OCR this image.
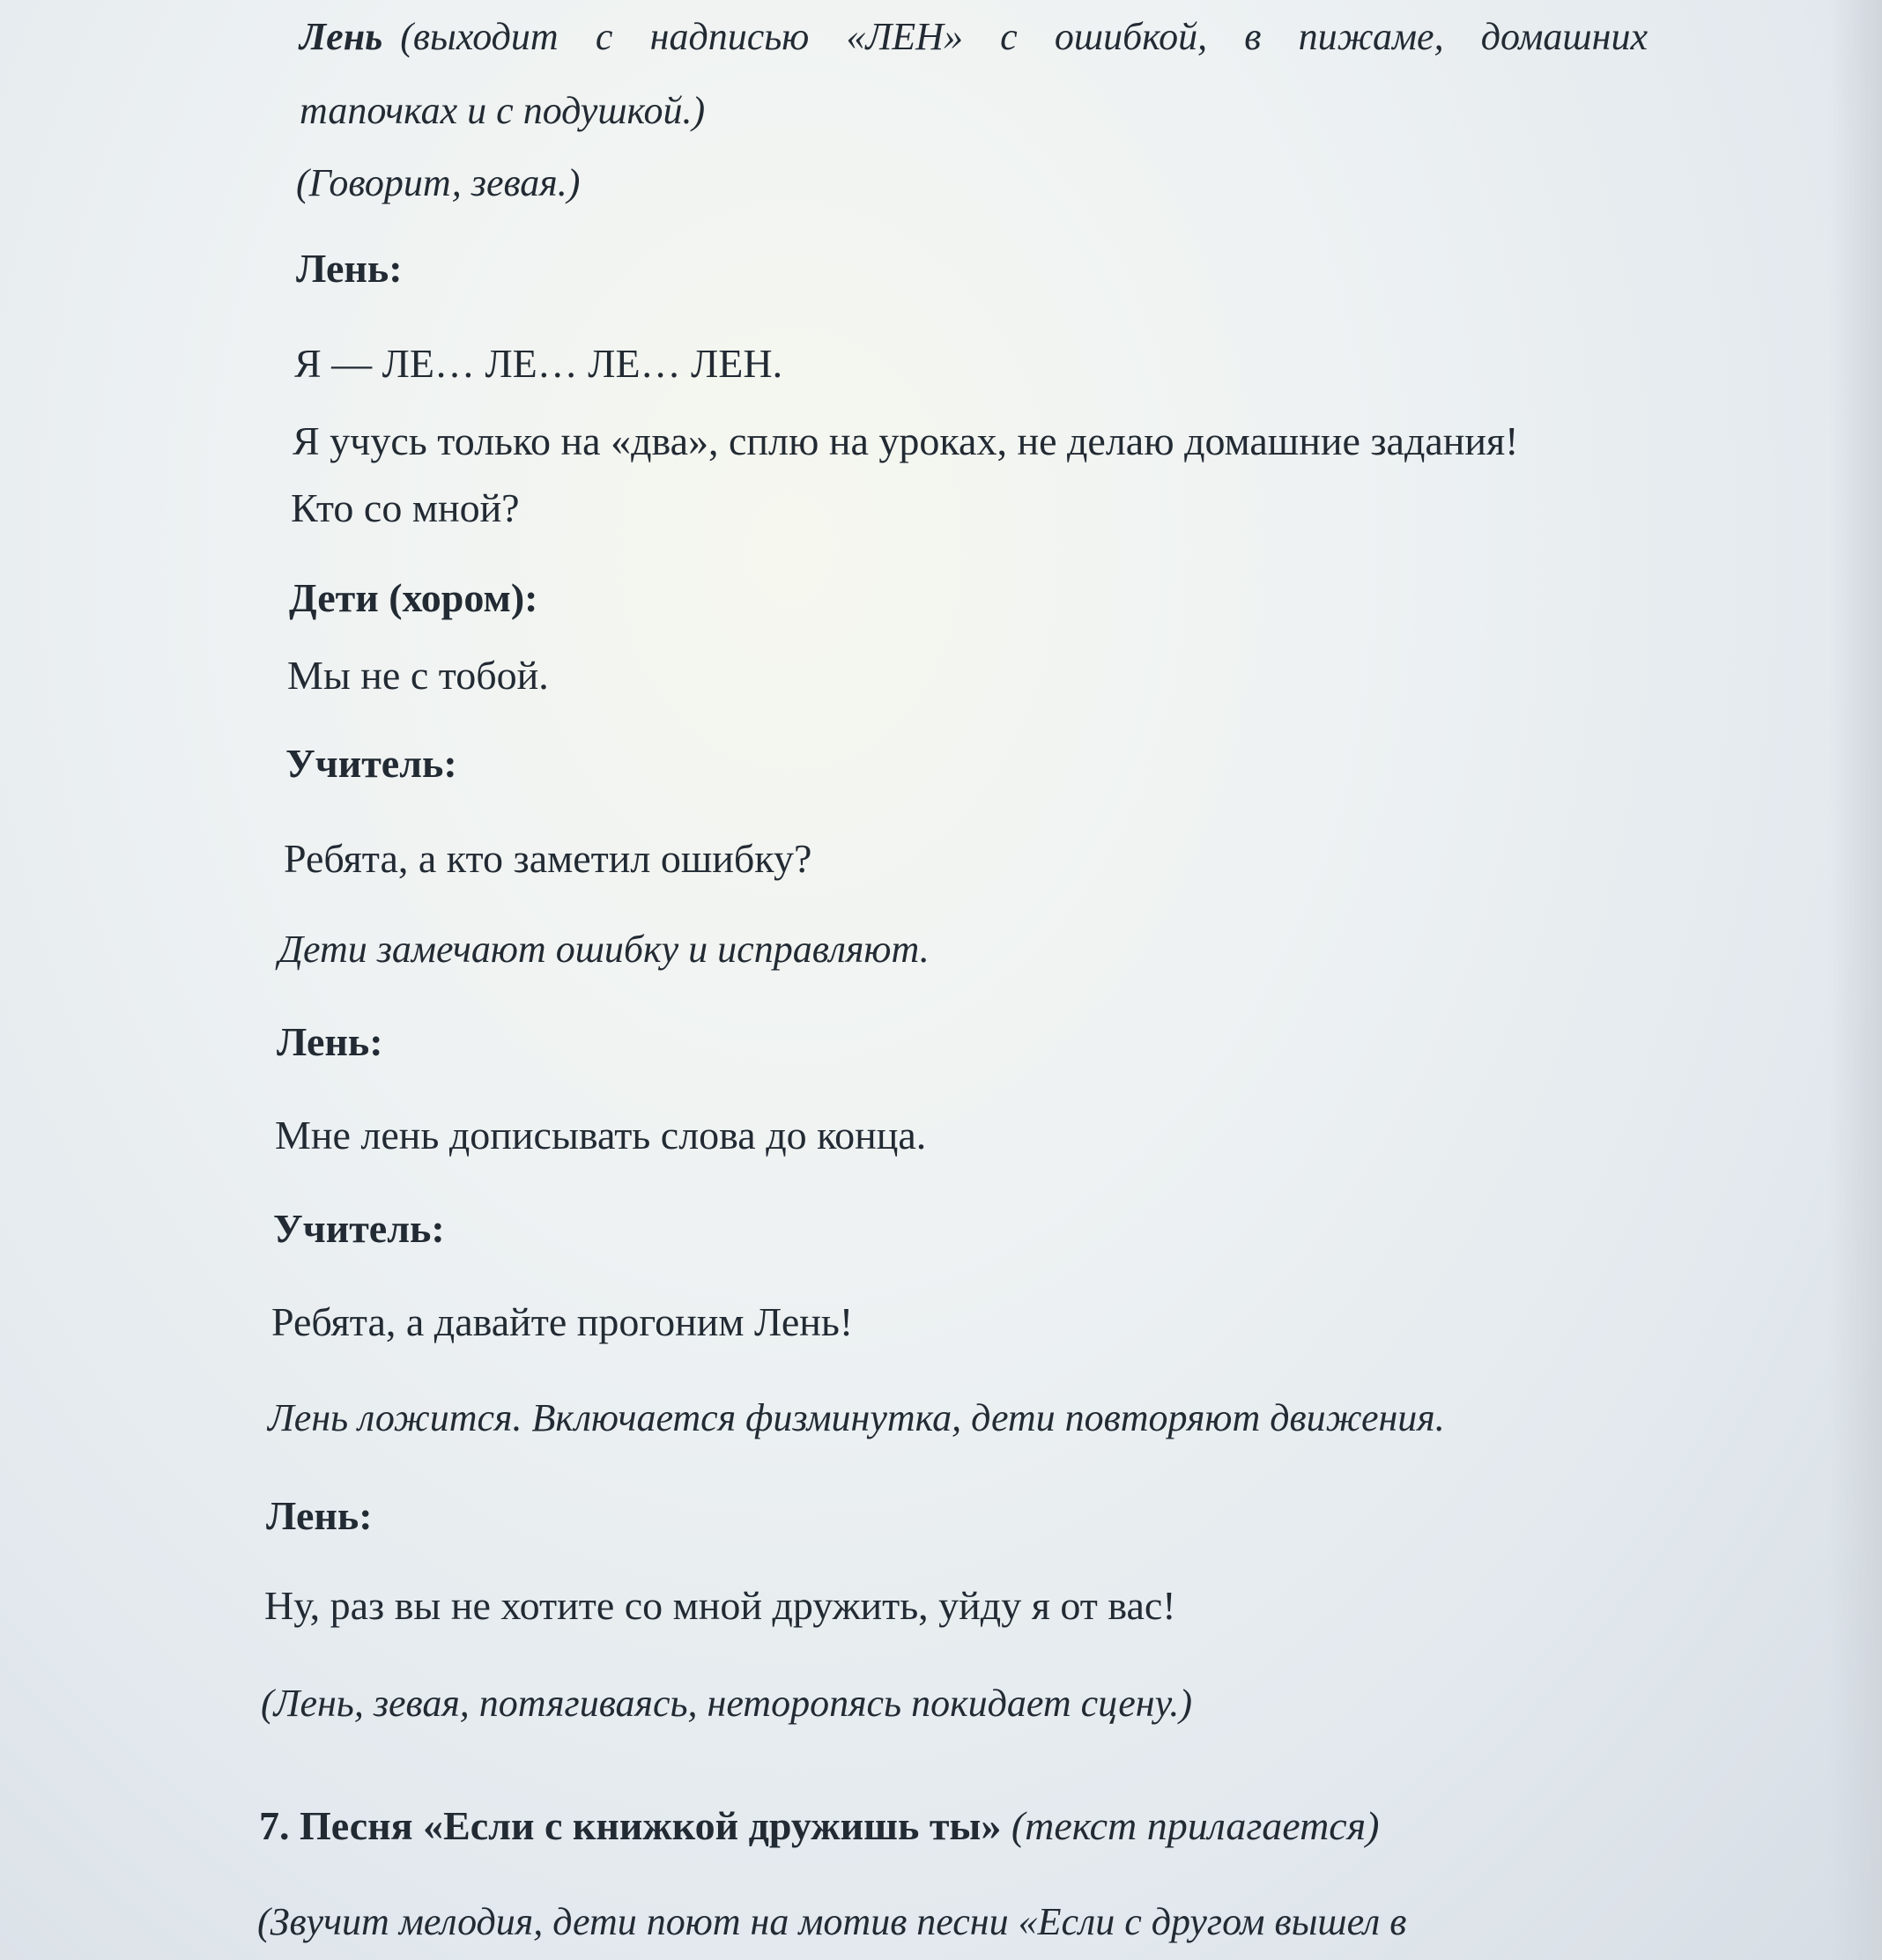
Лень (выходит с надписью «ЛЕН» с ошибкой, в пижаме, домашних

тапочках и с подушкой.)

(Говорит, зевая.)

Лень:

Я — ЛЕ… ЛЕ… ЛЕ… ЛЕН.

Я учусь только на «два», сплю на уроках, не делаю домашние задания!

Кто со мной?

Дети (хором):

Мы не с тобой.

Учитель:

Ребята, а кто заметил ошибку?

Дети замечают ошибку и исправляют.

Лень:

Мне лень дописывать слова до конца.

Учитель:

Ребята, а давайте прогоним Лень!

Лень ложится. Включается физминутка, дети повторяют движения.

Лень:

Ну, раз вы не хотите со мной дружить, уйду я от вас!

(Лень, зевая, потягиваясь, неторопясь покидает сцену.)

7. Песня «Если с книжкой дружишь ты» (текст прилагается)

(Звучит мелодия, дети поют на мотив песни «Если с другом вышел в
